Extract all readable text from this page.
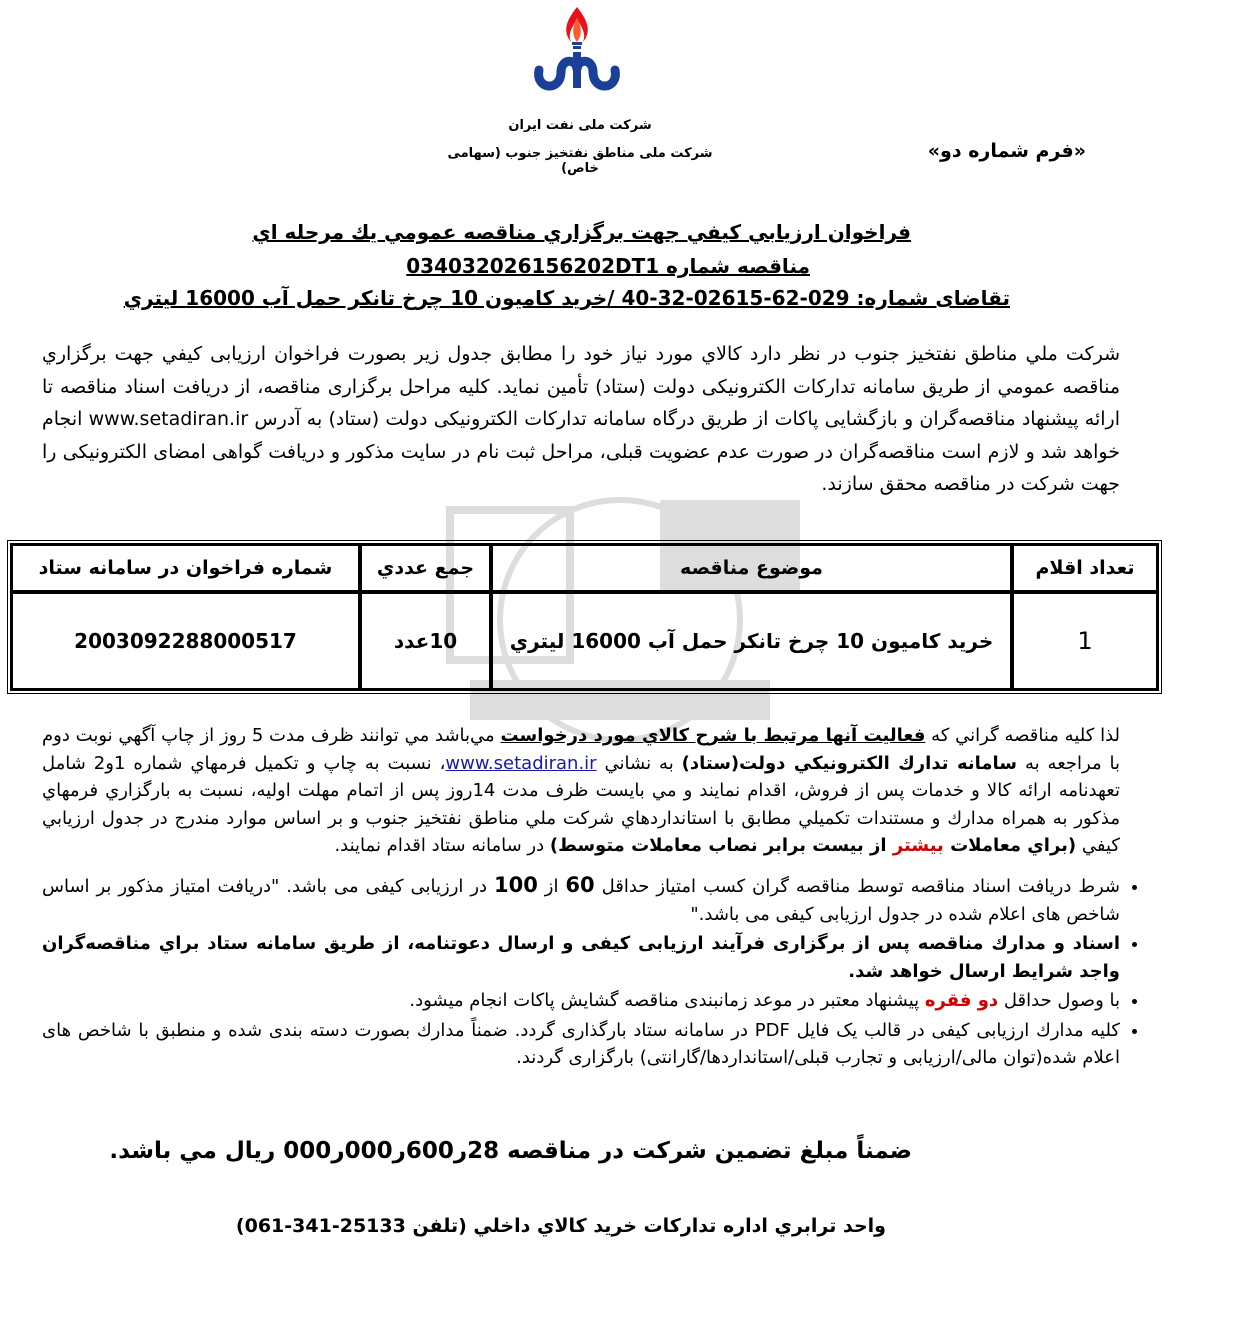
شرکت ملی نفت ایران
شرکت ملی مناطق نفتخیز جنوب (سهامی خاص)
«فرم شماره دو»
فراخوان ارزيابي كيفي جهت برگزاري مناقصه عمومي يك مرحله اي
مناقصه شماره 034032026156202DT1
تقاضای شماره: 029-62-02615-32-40 /خرید کامیون 10 چرخ تانکر حمل آب 16000 ليتري
شركت ملي مناطق نفتخيز جنوب در نظر دارد کالاي مورد نياز خود را مطابق جدول زير بصورت فراخوان ارزيابی کيفي جهت برگزاري مناقصه عمومي از طريق سامانه تدارکات الکترونيکی دولت (ستاد) تأمين نمايد. کليه مراحل برگزاری مناقصه، از دريافت اسناد مناقصه تا ارائه پيشنهاد مناقصه‌گران و بازگشايی پاکات از طريق درگاه سامانه تدارکات الکترونيکی دولت (ستاد) به آدرس www.setadiran.ir انجام خواهد شد و لازم است مناقصه‌گران در صورت عدم عضويت قبلی، مراحل ثبت نام در سايت مذکور و دريافت گواهی امضای الکترونيکی را جهت شرکت در مناقصه محقق سازند.
تعداد اقلام	موضوع مناقصه	جمع عددي	شماره فراخوان در سامانه ستاد
1	خريد کاميون 10 چرخ تانکر حمل آب 16000 ليتري	10عدد	2003092288000517
لذا كليه مناقصه گراني كه فعاليت آنها مرتبط با شرح كالاي مورد درخواست مي‌باشد مي توانند ظرف مدت 5 روز از چاپ آگهي نوبت دوم با مراجعه به سامانه تدارك الكترونيكي دولت(ستاد) به نشاني www.setadiran.ir، نسبت به چاپ و تكميل فرمهاي شماره 1و2 شامل تعهدنامه ارائه کالا و خدمات پس از فروش، اقدام نمايند و مي بايست ظرف مدت 14روز پس از اتمام مهلت اوليه، نسبت به بارگزاري فرمهاي مذكور به همراه مدارك و مستندات تكميلي مطابق با استانداردهاي شركت ملي مناطق نفتخيز جنوب و بر اساس موارد مندرج در جدول ارزيابي كيفي (براي معاملات بيشتر از بيست برابر نصاب معاملات متوسط) در سامانه ستاد اقدام نمايند.
• شرط دريافت اسناد مناقصه توسط مناقصه گران كسب امتياز حداقل 60 از 100 در ارزيابی کيفی می باشد. "دريافت امتياز مذکور بر اساس شاخص های اعلام شده در جدول ارزيابی کيفی می باشد."
• اسناد و مدارك مناقصه پس از برگزاری فرآيند ارزيابی کيفی و ارسال دعوتنامه، از طريق سامانه ستاد براي مناقصه‌گران واجد شرايط ارسال خواهد شد.
• با وصول حداقل دو فقره پيشنهاد معتبر در موعد زمانبندی مناقصه گشايش پاكات انجام ميشود.
• كليه مدارك ارزيابی کيفی در قالب يک فايل PDF در سامانه ستاد بارگذاری گردد. ضمناً مدارك بصورت دسته بندی شده و منطبق با شاخص های اعلام شده(توان مالی/ارزيابی و تجارب قبلی/استانداردها/گارانتی) بارگزاری گردند.
ضمناً مبلغ تضمين شرکت در مناقصه 28ر600ر000ر000 ريال مي باشد.
واحد ترابري اداره تداركات خريد كالاي داخلي (تلفن 25133-341-061)
